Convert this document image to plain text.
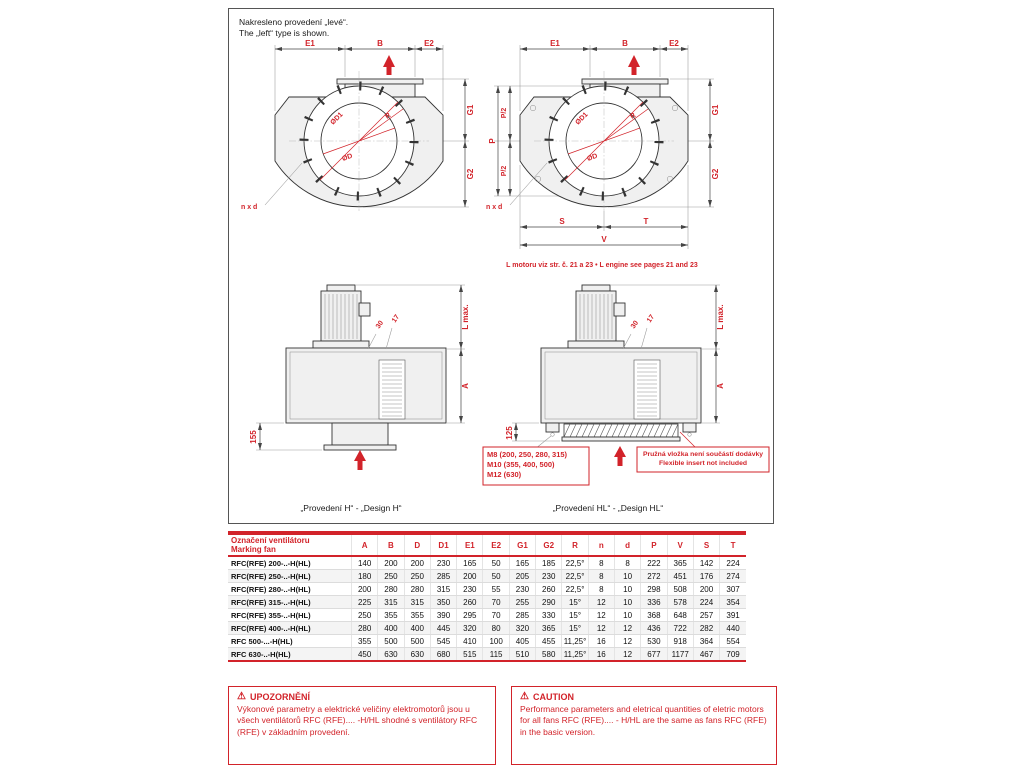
Nakresleno provedení „levé“.
The „left“ type is shown.
E1	B	E2
G1
G2
ØD1
ØD
R
n x d
E1	B	E2
G1
G2
P
P/2
P/2
S	T
V
ØD1
ØD
R
n x d
L motoru viz str. č. 21 a 23 • L engine see pages 21 and 23
30
17	L max.
A
155
30
17	L max.
A
125
M8 (200, 250, 280, 315)
M10 (355, 400, 500)
M12 (630)
Pružná vložka není součástí dodávky
Flexible insert not included
„Provedení H“ - „Design H“	„Provedení HL“ - „Design HL“
Označení ventilátoru
Marking fan	A	B	D	D1	E1	E2	G1	G2	R	n	d	P	V	S	T
RFC(RFE) 200-..-H(HL)	140	200	200	230	165	50	165	185	22,5°	8	8	222	365	142	224
RFC(RFE) 250-..-H(HL)	180	250	250	285	200	50	205	230	22,5°	8	10	272	451	176	274
RFC(RFE) 280-..-H(HL)	200	280	280	315	230	55	230	260	22,5°	8	10	298	508	200	307
RFC(RFE) 315-..-H(HL)	225	315	315	350	260	70	255	290	15°	12	10	336	578	224	354
RFC(RFE) 355-..-H(HL)	250	355	355	390	295	70	285	330	15°	12	10	368	648	257	391
RFC(RFE) 400-..-H(HL)	280	400	400	445	320	80	320	365	15°	12	12	436	722	282	440
RFC 500-...-H(HL)	355	500	500	545	410	100	405	455	11,25°	16	12	530	918	364	554
RFC 630-..-H(HL)	450	630	630	680	515	115	510	580	11,25°	16	12	677	1177	467	709
⚠ UPOZORNĚNÍ
Výkonové parametry a elektrické veličiny elektromotorů jsou u všech ventilátorů RFC (RFE).... -H/HL shodné s ventilátory RFC (RFE) v základním provedení.
⚠ CAUTION
Performance parameters and eletrical quantities of eletric motors for all fans RFC (RFE).... - H/HL are the same as fans RFC (RFE) in the basic version.
